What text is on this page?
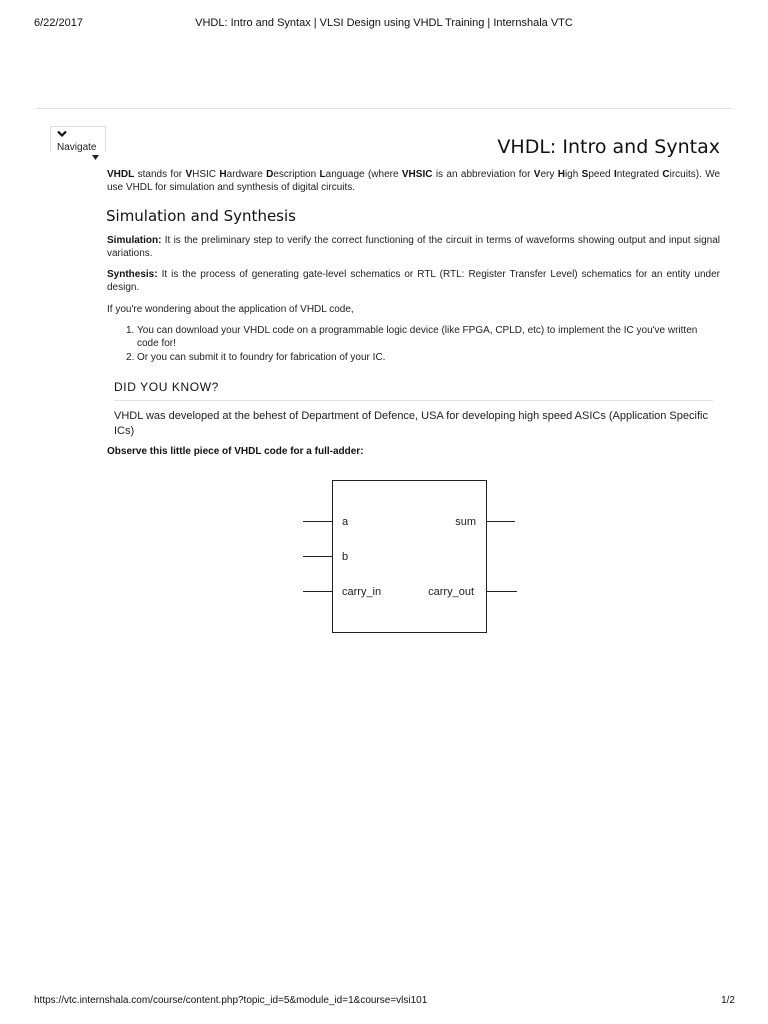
6/22/2017	VHDL: Intro and Syntax | VLSI Design using VHDL Training | Internshala VTC
Navigate	VHDL: Intro and Syntax
VHDL stands for VHSIC Hardware Description Language (where VHSIC is an abbreviation for Very High Speed Integrated Circuits). We use VHDL for simulation and synthesis of digital circuits.
Simulation and Synthesis
Simulation: It is the preliminary step to verify the correct functioning of the circuit in terms of waveforms showing output and input signal variations.
Synthesis: It is the process of generating gate-level schematics or RTL (RTL: Register Transfer Level) schematics for an entity under design.
If you're wondering about the application of VHDL code,
1. You can download your VHDL code on a programmable logic device (like FPGA, CPLD, etc) to implement the IC you've written code for!
2. Or you can submit it to foundry for fabrication of your IC.
DID YOU KNOW?
VHDL was developed at the behest of Department of Defence, USA for developing high speed ASICs (Application Specific ICs)
Observe this little piece of VHDL code for a full-adder:
a
b
carry_in
sum
carry_out
https://vtc.internshala.com/course/content.php?topic_id=5&module_id=1&course=vlsi101	1/2
